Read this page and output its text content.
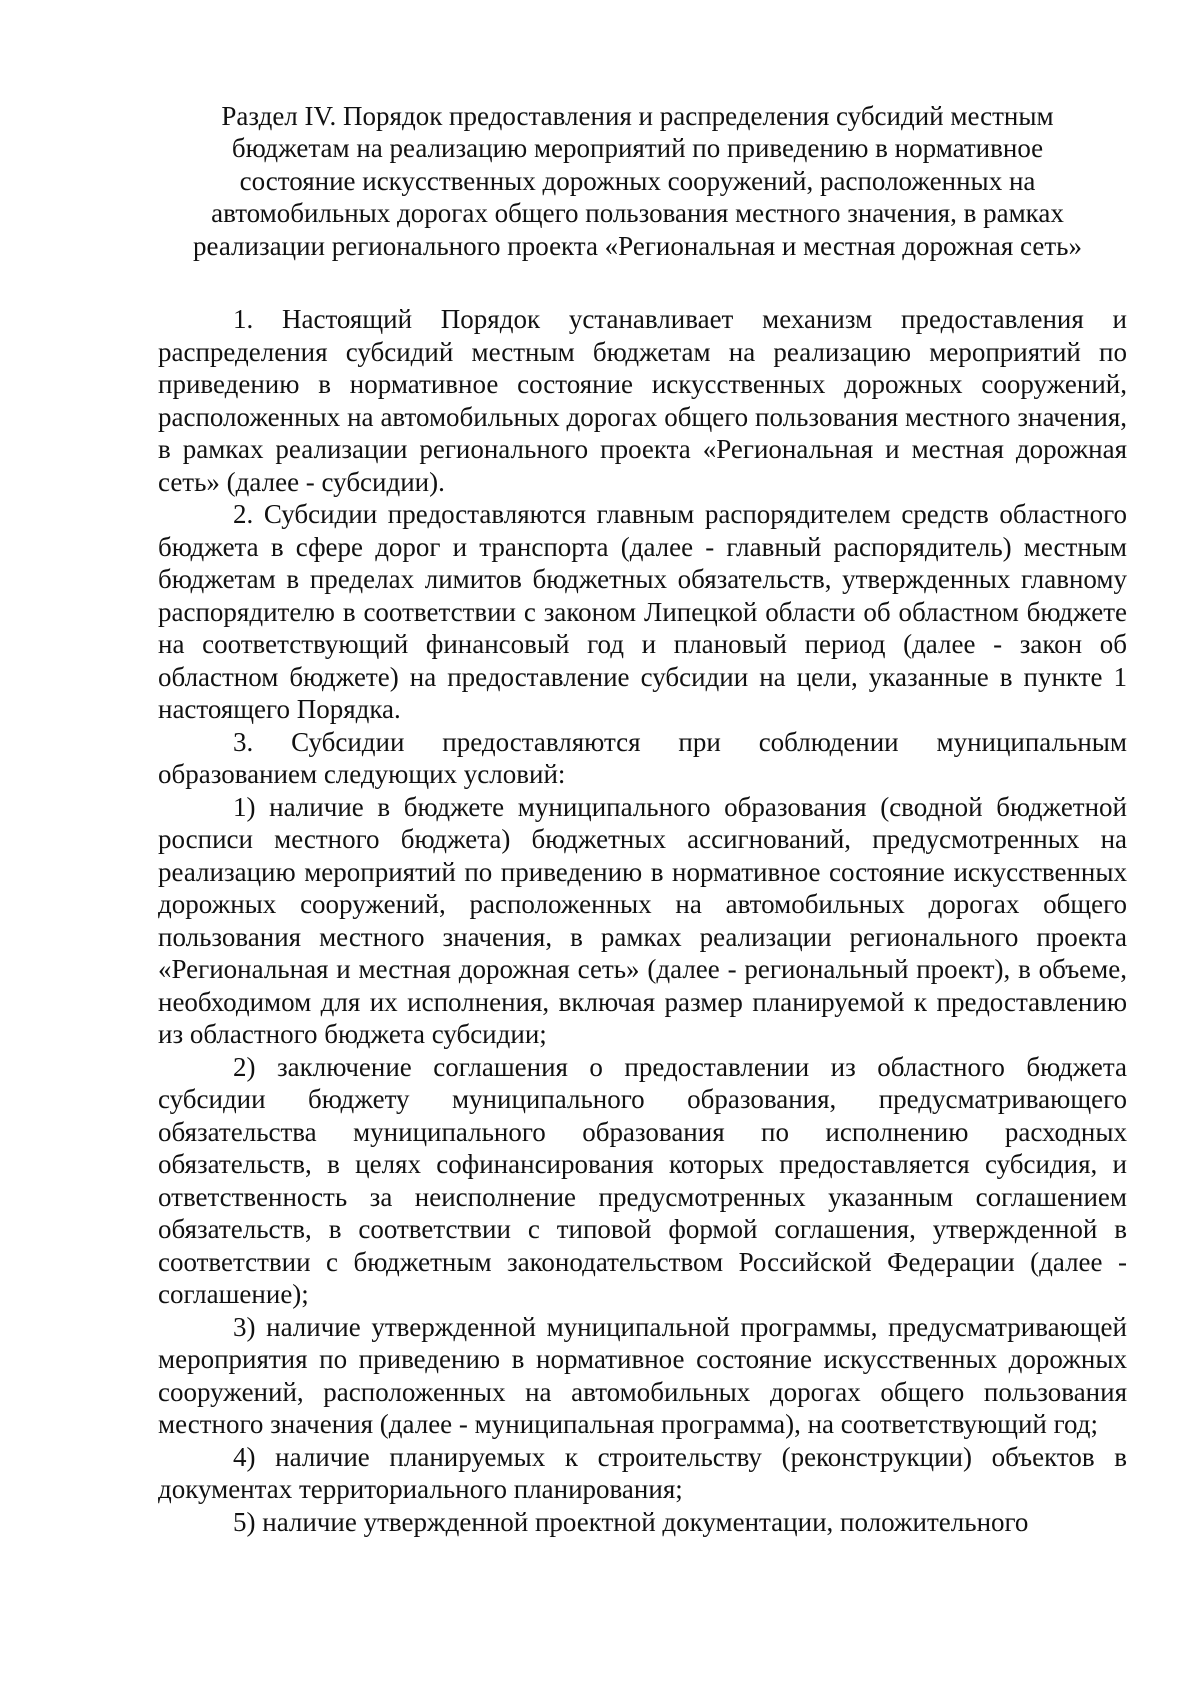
Раздел IV. Порядок предоставления и распределения субсидий местным
бюджетам на реализацию мероприятий по приведению в нормативное
состояние искусственных дорожных сооружений, расположенных на
автомобильных дорогах общего пользования местного значения, в рамках
реализации регионального проекта «Региональная и местная дорожная сеть»

1. Настоящий Порядок устанавливает механизм предоставления и распределения субсидий местным бюджетам на реализацию мероприятий по приведению в нормативное состояние искусственных дорожных сооружений, расположенных на автомобильных дорогах общего пользования местного значения, в рамках реализации регионального проекта «Региональная и местная дорожная сеть» (далее - субсидии).

2. Субсидии предоставляются главным распорядителем средств областного бюджета в сфере дорог и транспорта (далее - главный распорядитель) местным бюджетам в пределах лимитов бюджетных обязательств, утвержденных главному распорядителю в соответствии с законом Липецкой области об областном бюджете на соответствующий финансовый год и плановый период (далее - закон об областном бюджете) на предоставление субсидии на цели, указанные в пункте 1 настоящего Порядка.

3. Субсидии предоставляются при соблюдении муниципальным образованием следующих условий:

1) наличие в бюджете муниципального образования (сводной бюджетной росписи местного бюджета) бюджетных ассигнований, предусмотренных на реализацию мероприятий по приведению в нормативное состояние искусственных дорожных сооружений, расположенных на автомобильных дорогах общего пользования местного значения, в рамках реализации регионального проекта «Региональная и местная дорожная сеть» (далее - региональный проект), в объеме, необходимом для их исполнения, включая размер планируемой к предоставлению из областного бюджета субсидии;

2) заключение соглашения о предоставлении из областного бюджета субсидии бюджету муниципального образования, предусматривающего обязательства муниципального образования по исполнению расходных обязательств, в целях софинансирования которых предоставляется субсидия, и ответственность за неисполнение предусмотренных указанным соглашением обязательств, в соответствии с типовой формой соглашения, утвержденной в соответствии с бюджетным законодательством Российской Федерации (далее - соглашение);

3) наличие утвержденной муниципальной программы, предусматривающей мероприятия по приведению в нормативное состояние искусственных дорожных сооружений, расположенных на автомобильных дорогах общего пользования местного значения (далее - муниципальная программа), на соответствующий год;

4) наличие планируемых к строительству (реконструкции) объектов в документах территориального планирования;

5) наличие утвержденной проектной документации, положительного
